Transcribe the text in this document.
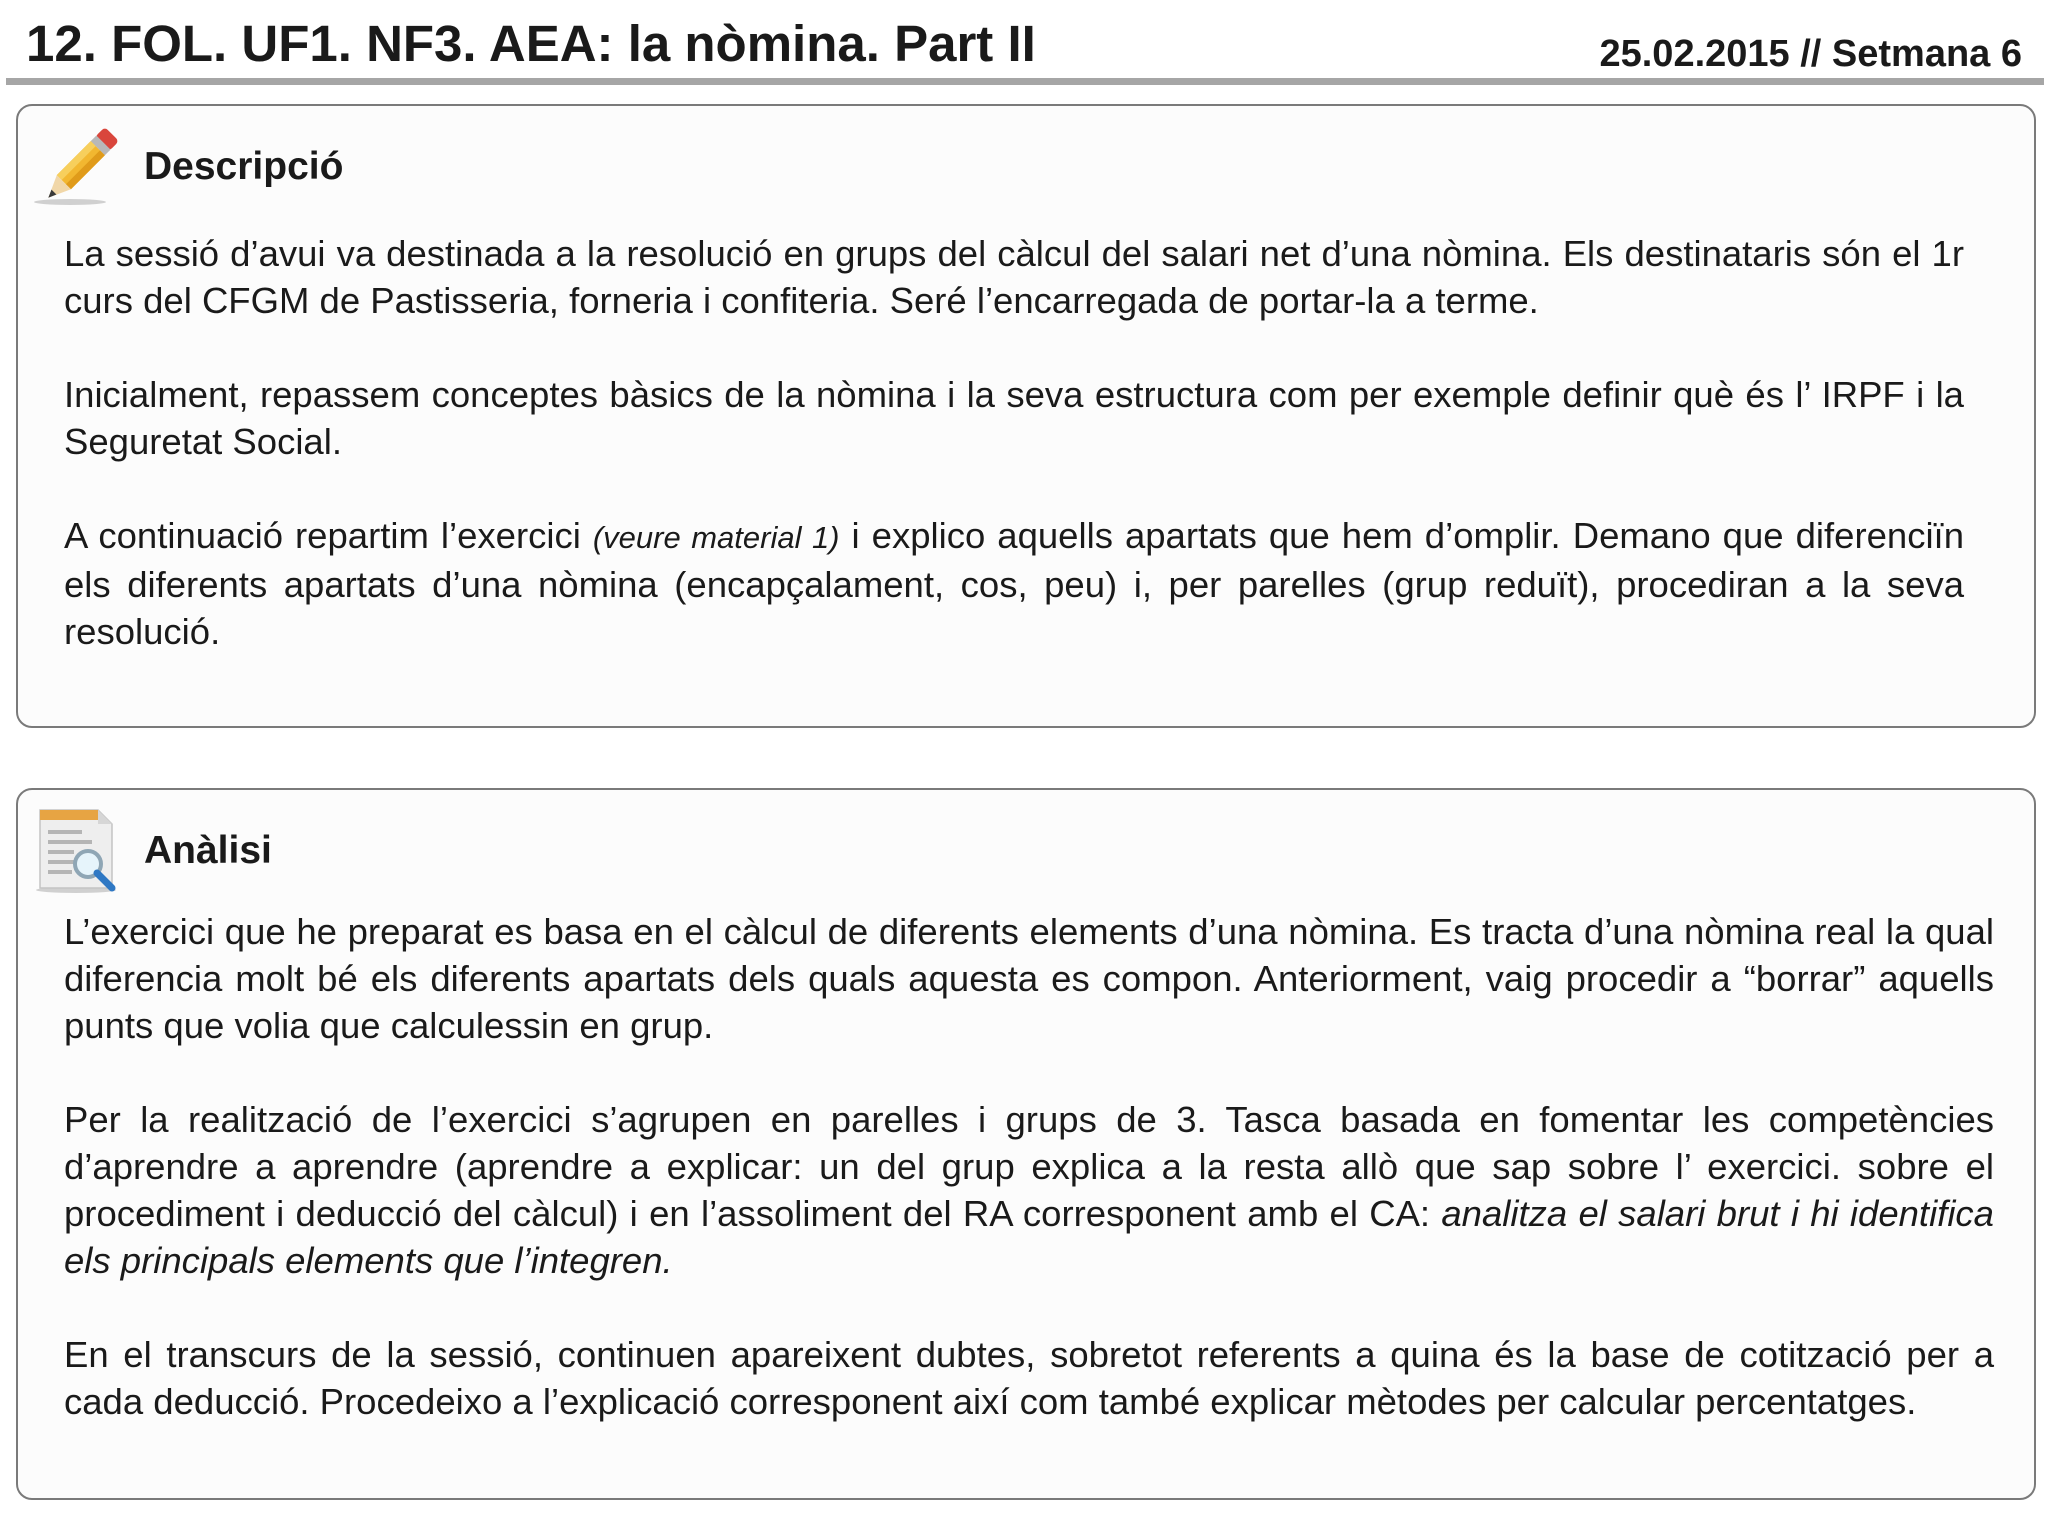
12. FOL. UF1. NF3. AEA: la nòmina. Part II	25.02.2015 // Setmana 6
Descripció

La sessió d’avui va destinada a la resolució en grups del càlcul del salari net d’una nòmina. Els destinataris són el 1r curs del CFGM de Pastisseria, forneria i confiteria. Seré l’encarregada de portar-la a terme.

Inicialment, repassem conceptes bàsics de la nòmina i la seva estructura com per exemple definir què és l’ IRPF i la Seguretat Social.

A continuació repartim l’exercici (veure material 1) i explico aquells apartats que hem d’omplir. Demano que diferenciïn els diferents apartats d’una nòmina (encapçalament, cos, peu) i, per parelles (grup reduït), procediran a la seva resolució.

Anàlisi

L’exercici que he preparat es basa en el càlcul de diferents elements d’una nòmina. Es tracta d’una nòmina real la qual diferencia molt bé els diferents apartats dels quals aquesta es compon. Anteriorment, vaig procedir a “borrar” aquells punts que volia que calculessin en grup.

Per la realització de l’exercici s’agrupen en parelles i grups de 3. Tasca basada en fomentar les competències d’aprendre a aprendre (aprendre a explicar: un del grup explica a la resta allò que sap sobre l’ exercici. sobre el procediment i deducció del càlcul) i en l’assoliment del RA corresponent amb el CA: analitza el salari brut i hi identifica els principals elements que l’integren.

En el transcurs de la sessió, continuen apareixent dubtes, sobretot referents a quina és la base de cotització per a cada deducció. Procedeixo a l’explicació corresponent així com també explicar mètodes per calcular percentatges.
